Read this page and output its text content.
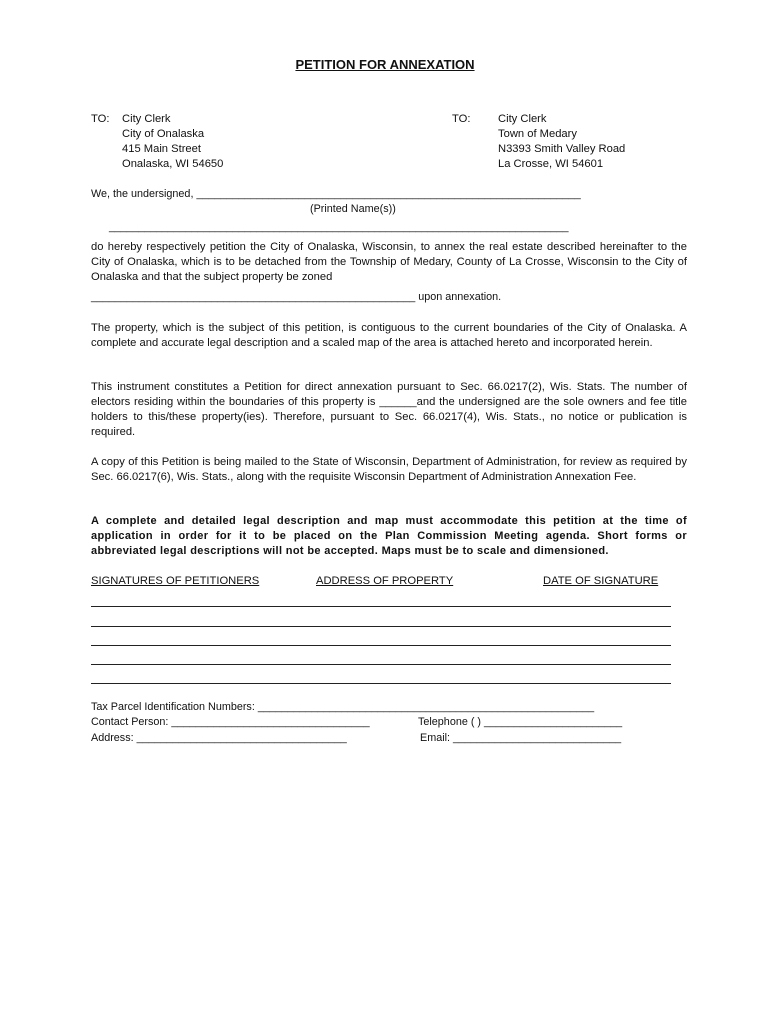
PETITION FOR ANNEXATION
TO: City Clerk
City of Onalaska
415 Main Street
Onalaska, WI 54650
TO: City Clerk
Town of Medary
N3393 Smith Valley Road
La Crosse, WI 54601
We, the undersigned, ________________________________________________________________
(Printed Name(s))
______________________________________________________________________________
do hereby respectively petition the City of Onalaska, Wisconsin, to annex the real estate described hereinafter to the City of Onalaska, which is to be detached from the Township of Medary, County of La Crosse, Wisconsin to the City of Onalaska and that the subject property be zoned
______________________________________________________ upon annexation.
The property, which is the subject of this petition, is contiguous to the current boundaries of the City of Onalaska. A complete and accurate legal description and a scaled map of the area is attached hereto and incorporated herein.
This instrument constitutes a Petition for direct annexation pursuant to Sec. 66.0217(2), Wis. Stats. The number of electors residing within the boundaries of this property is ______and the undersigned are the sole owners and fee title holders to this/these property(ies). Therefore, pursuant to Sec. 66.0217(4), Wis. Stats., no notice or publication is required.
A copy of this Petition is being mailed to the State of Wisconsin, Department of Administration, for review as required by Sec. 66.0217(6), Wis. Stats., along with the requisite Wisconsin Department of Administration Annexation Fee.
A complete and detailed legal description and map must accommodate this petition at the time of application in order for it to be placed on the Plan Commission Meeting agenda. Short forms or abbreviated legal descriptions will not be accepted. Maps must be to scale and dimensioned.
SIGNATURES OF PETITIONERS	ADDRESS OF PROPERTY	DATE OF SIGNATURE
Tax Parcel Identification Numbers: ________________________________________________________
Contact Person: _________________________________	Telephone ( ) _______________________
Address: ___________________________________	Email: ____________________________
